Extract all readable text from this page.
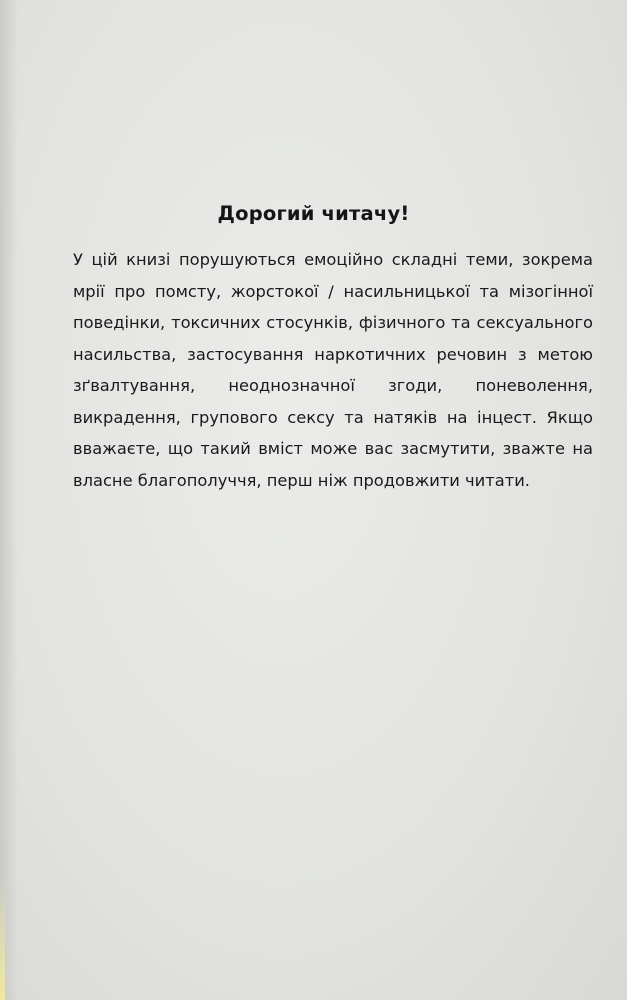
Дорогий читачу!

У цій книзі порушуються емоційно складні теми, зокрема мрії про помсту, жорстокої / насильницької та мізогінної поведінки, токсичних стосунків, фізичного та сексуального насильства, застосування наркотичних речовин з метою зґвалтування, неоднозначної згоди, поневолення, викрадення, групового сексу та натяків на інцест. Якщо вважаєте, що такий вміст може вас засмутити, зважте на власне благополуччя, перш ніж продовжити читати.
